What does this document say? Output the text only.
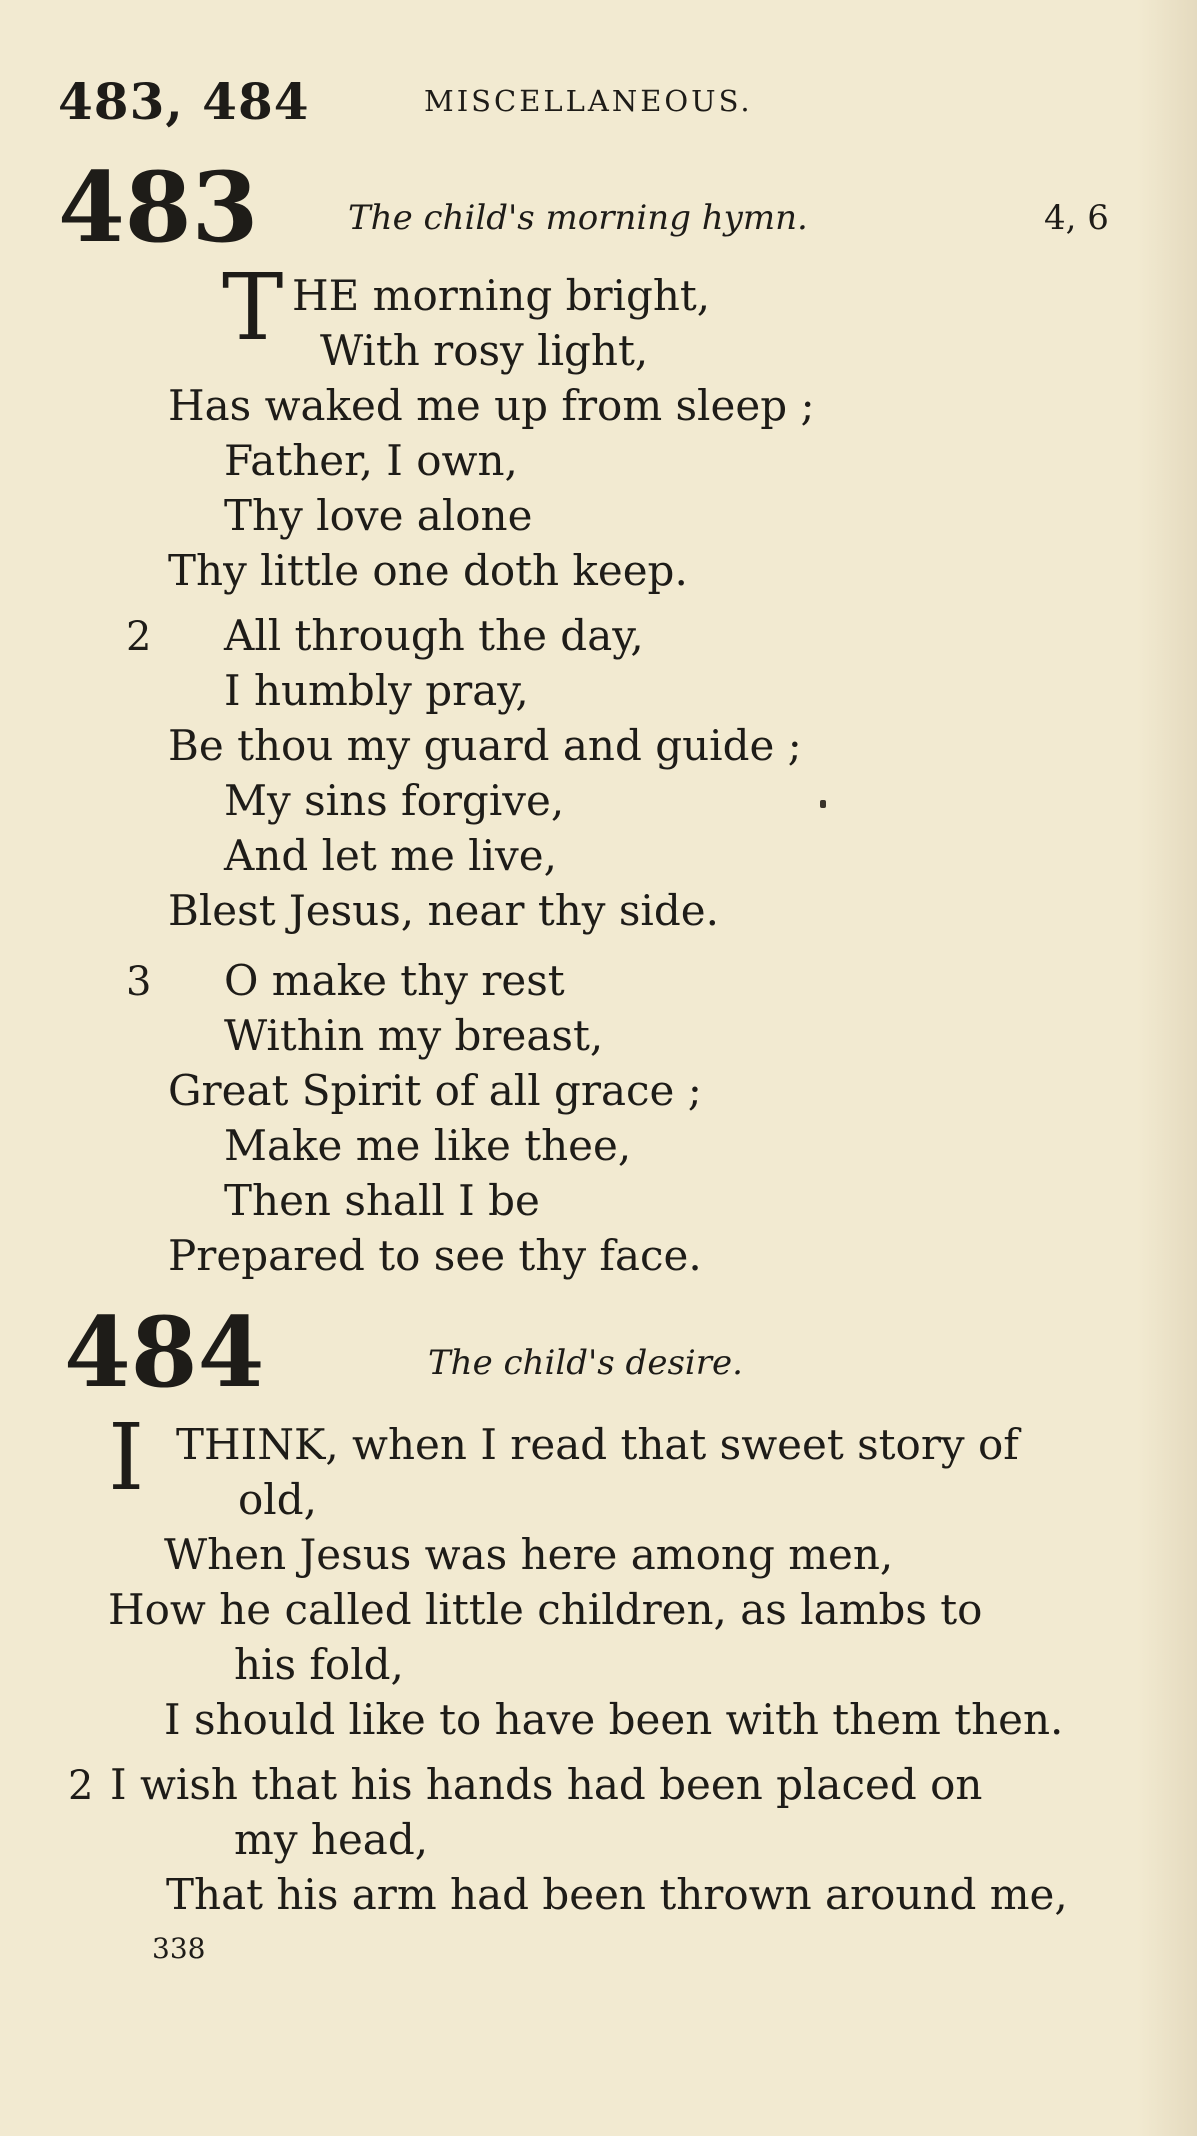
483, 484	MISCELLANEOUS.
483	The child's morning hymn.	4, 6
T HE morning bright,
With rosy light,
Has waked me up from sleep ;
Father, I own,
Thy love alone
Thy little one doth keep.
2 All through the day,
I humbly pray,
Be thou my guard and guide ;
My sins forgive,
And let me live,
Blest Jesus, near thy side.
3 O make thy rest
Within my breast,
Great Spirit of all grace ;
Make me like thee,
Then shall I be
Prepared to see thy face.
484	The child's desire.
I THINK, when I read that sweet story of
old,
When Jesus was here among men,
How he called little children, as lambs to
his fold,
I should like to have been with them then.
2 I wish that his hands had been placed on
my head,
That his arm had been thrown around me,
338
